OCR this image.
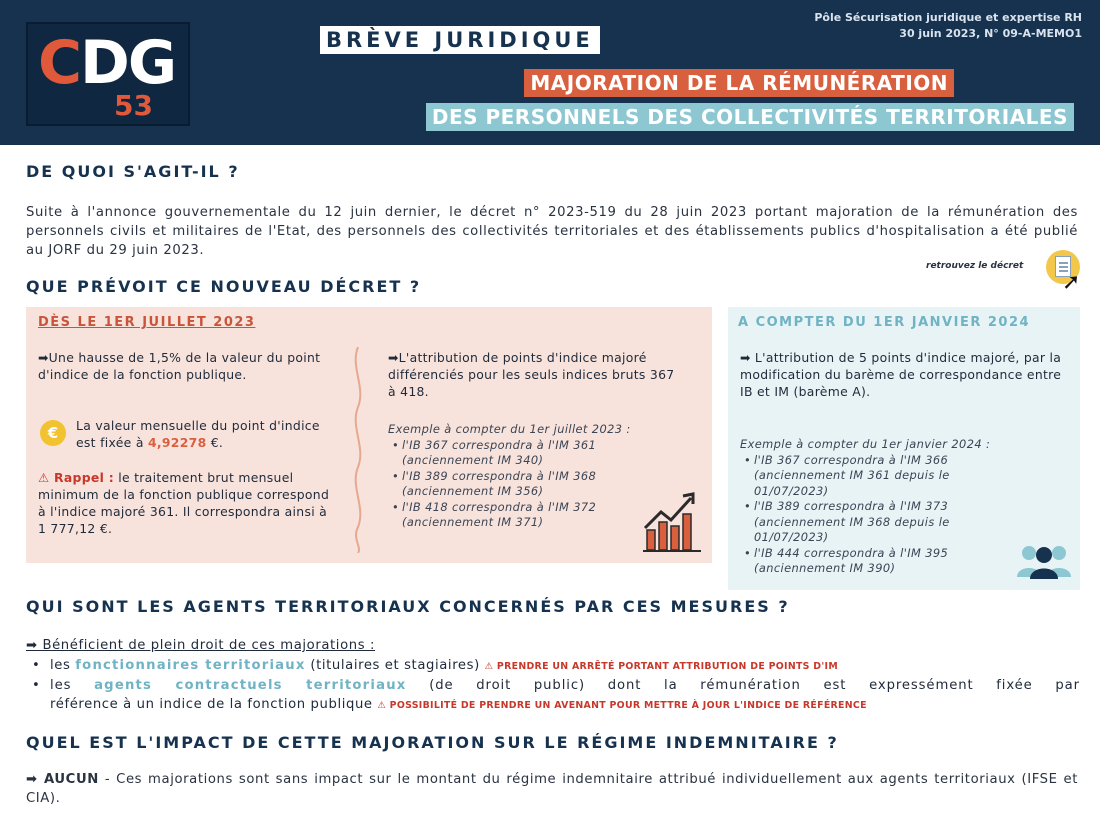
CDG
53
BRÈVE JURIDIQUE
Pôle Sécurisation juridique et expertise RH
30 juin 2023, N° 09-A-MEMO1
MAJORATION DE LA RÉMUNÉRATION
DES PERSONNELS DES COLLECTIVITÉS TERRITORIALES
DE QUOI S'AGIT-IL ?
Suite à l'annonce gouvernementale du 12 juin dernier, le décret n° 2023-519 du 28 juin 2023 portant majoration de la rémunération des personnels civils et militaires de l'Etat, des personnels des collectivités territoriales et des établissements publics d'hospitalisation a été publié au JORF du 29 juin 2023.
retrouvez le décret
➚
QUE PRÉVOIT CE NOUVEAU DÉCRET ?
DÈS LE 1ER JUILLET 2023
➡Une hausse de 1,5% de la valeur du point d'indice de la fonction publique.
€	La valeur mensuelle du point d'indice est fixée à 4,92278 €.
⚠ Rappel : le traitement brut mensuel minimum de la fonction publique correspond à l'indice majoré 361. Il correspondra ainsi à 1 777,12 €.
➡L'attribution de points d'indice majoré différenciés pour les seuls indices bruts 367 à 418.
Exemple à compter du 1er juillet 2023 :
• l'IB 367 correspondra à l'IM 361 (anciennement IM 340)
• l'IB 389 correspondra à l'IM 368 (anciennement IM 356)
• l'IB 418 correspondra à l'IM 372 (anciennement IM 371)
A COMPTER DU 1ER JANVIER 2024
➡ L'attribution de 5 points d'indice majoré, par la modification du barème de correspondance entre IB et IM (barème A).
Exemple à compter du 1er janvier 2024 :
• l'IB 367 correspondra à l'IM 366 (anciennement IM 361 depuis le 01/07/2023)
• l'IB 389 correspondra à l'IM 373 (anciennement IM 368 depuis le 01/07/2023)
• l'IB 444 correspondra à l'IM 395 (anciennement IM 390)
QUI SONT LES AGENTS TERRITORIAUX CONCERNÉS PAR CES MESURES ?
➡ Bénéficient de plein droit de ces majorations :
• les fonctionnaires territoriaux (titulaires et stagiaires) ⚠ PRENDRE UN ARRÊTÉ PORTANT ATTRIBUTION DE POINTS D'IM
• les agents contractuels territoriaux (de droit public) dont la rémunération est expressément fixée par
référence à un indice de la fonction publique ⚠ POSSIBILITÉ DE PRENDRE UN AVENANT POUR METTRE À JOUR L'INDICE DE RÉFÉRENCE
QUEL EST L'IMPACT DE CETTE MAJORATION SUR LE RÉGIME INDEMNITAIRE ?
➡ AUCUN - Ces majorations sont sans impact sur le montant du régime indemnitaire attribué individuellement aux agents territoriaux (IFSE et CIA).
